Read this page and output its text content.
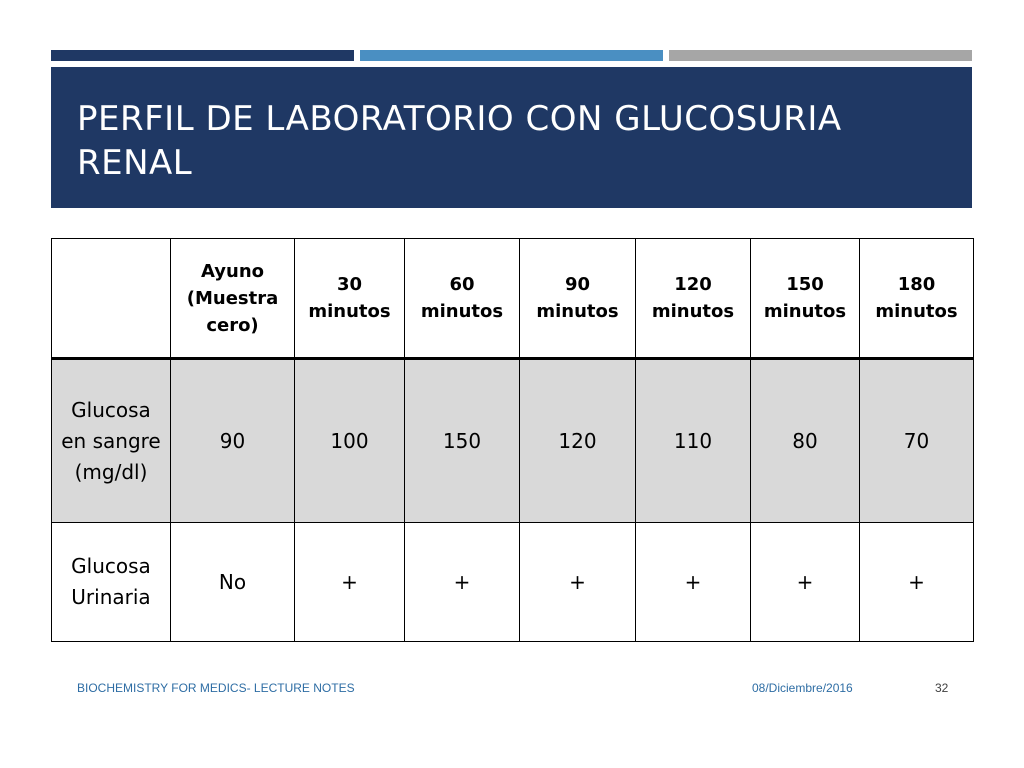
PERFIL DE LABORATORIO CON GLUCOSURIA RENAL
	Ayuno (Muestra cero)	30 minutos	60 minutos	90 minutos	120 minutos	150 minutos	180 minutos
Glucosa en sangre (mg/dl)	90	100	150	120	110	80	70
Glucosa Urinaria	No	+	+	+	+	+	+
BIOCHEMISTRY FOR MEDICS- LECTURE NOTES	08/Diciembre/2016	32
